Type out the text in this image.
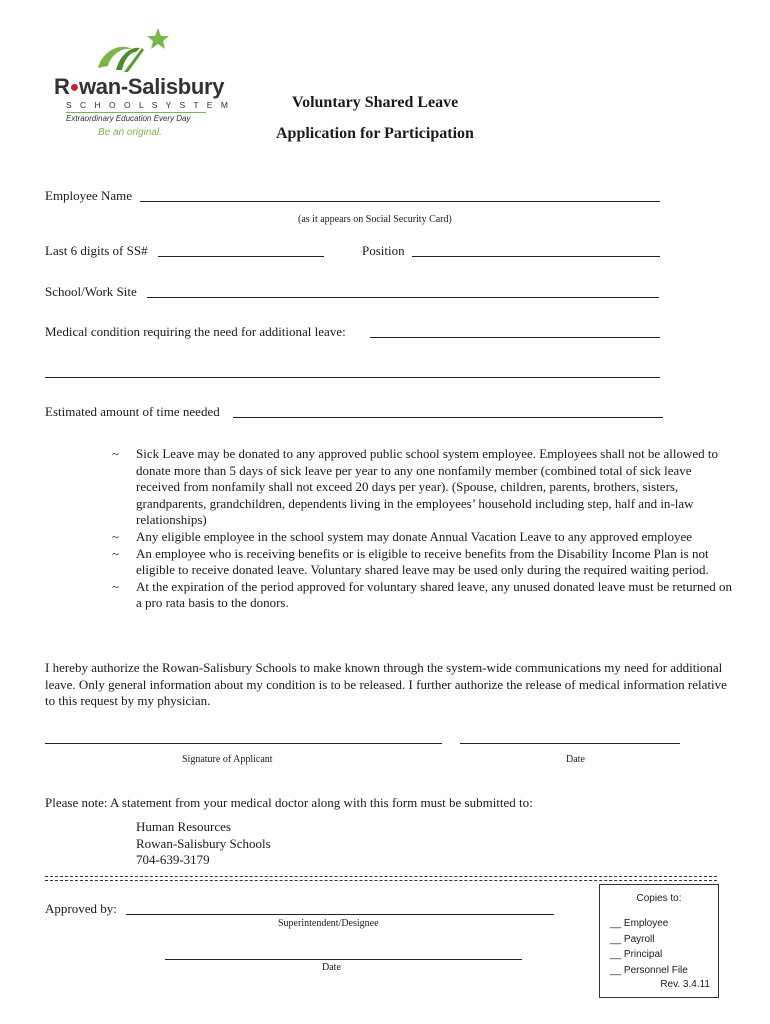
R●wan-Salisbury
S C H O O L S Y S T E M
Extraordinary Education Every Day
Be an original.
Voluntary Shared Leave
Application for Participation
Employee Name
(as it appears on Social Security Card)
Last 6 digits of SS#	Position
School/Work Site
Medical condition requiring the need for additional leave:
Estimated amount of time needed
~	Sick Leave may be donated to any approved public school system employee. Employees shall not be allowed to donate more than 5 days of sick leave per year to any one nonfamily member (combined total of sick leave received from nonfamily shall not exceed 20 days per year). (Spouse, children, parents, brothers, sisters, grandparents, grandchildren, dependents living in the employees’ household including step, half and in-law relationships)
~	Any eligible employee in the school system may donate Annual Vacation Leave to any approved employee
~	An employee who is receiving benefits or is eligible to receive benefits from the Disability Income Plan is not eligible to receive donated leave. Voluntary shared leave may be used only during the required waiting period.
~	At the expiration of the period approved for voluntary shared leave, any unused donated leave must be returned on a pro rata basis to the donors.
I hereby authorize the Rowan-Salisbury Schools to make known through the system-wide communications my need for additional leave. Only general information about my condition is to be released. I further authorize the release of medical information relative to this request by my physician.
Signature of Applicant	Date
Please note: A statement from your medical doctor along with this form must be submitted to:
Human Resources
Rowan-Salisbury Schools
704-639-3179
Approved by:
Superintendent/Designee
Date
Copies to:
__ Employee
__ Payroll
__ Principal
__ Personnel File
Rev. 3.4.11
